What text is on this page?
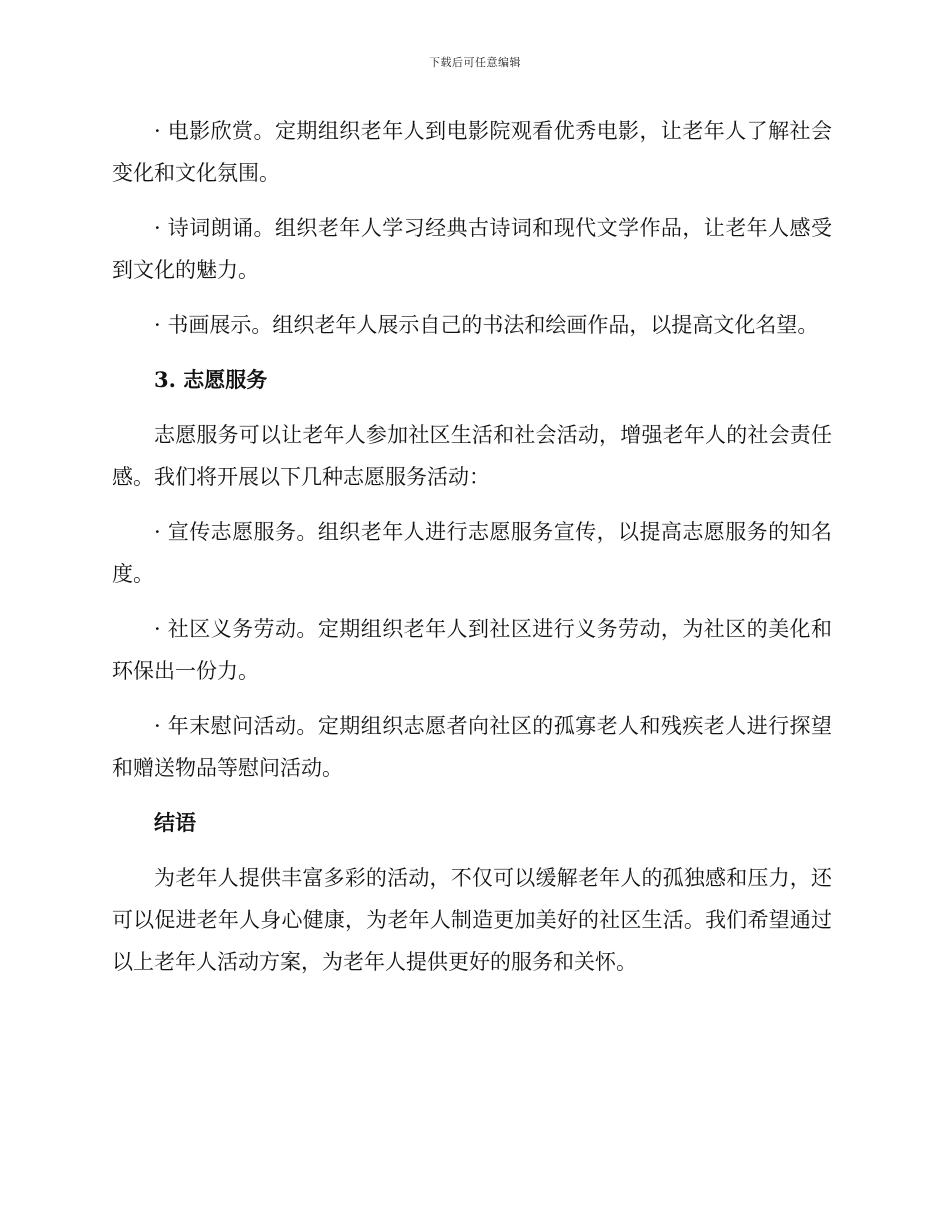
下载后可任意编辑

· 电影欣赏。定期组织老年人到电影院观看优秀电影，让老年人了解社会变化和文化氛围。

· 诗词朗诵。组织老年人学习经典古诗词和现代文学作品，让老年人感受到文化的魅力。

· 书画展示。组织老年人展示自己的书法和绘画作品，以提高文化名望。

3. 志愿服务

志愿服务可以让老年人参加社区生活和社会活动，增强老年人的社会责任感。我们将开展以下几种志愿服务活动：

· 宣传志愿服务。组织老年人进行志愿服务宣传，以提高志愿服务的知名度。

· 社区义务劳动。定期组织老年人到社区进行义务劳动，为社区的美化和环保出一份力。

· 年末慰问活动。定期组织志愿者向社区的孤寡老人和残疾老人进行探望和赠送物品等慰问活动。

结语

为老年人提供丰富多彩的活动，不仅可以缓解老年人的孤独感和压力，还可以促进老年人身心健康，为老年人制造更加美好的社区生活。我们希望通过以上老年人活动方案，为老年人提供更好的服务和关怀。
